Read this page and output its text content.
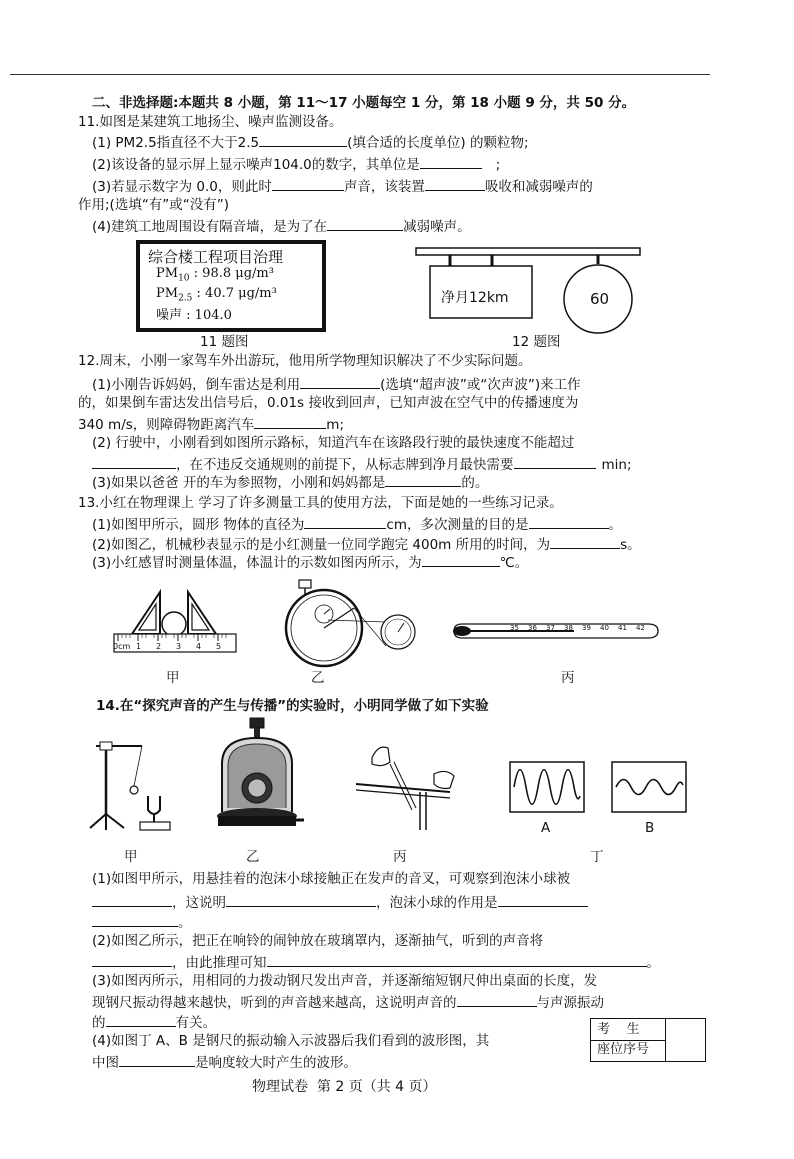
二、非选择题:本题共 8 小题，第 11～17 小题每空 1 分，第 18 小题 9 分，共 50 分。
11.如图是某建筑工地扬尘、噪声监测设备。
(1) PM2.5指直径不大于2.5	(填合适的长度单位) 的颗粒物;
(2)该设备的显示屏上显示噪声104.0的数字，其单位是	;
(3)若显示数字为 0.0，则此时	声音，该装置	吸收和减弱噪声的
作用;(选填“有”或“没有”)
(4)建筑工地周围设有隔音墙，是为了在	减弱噪声。
综合楼工程项目治理
$PM_{10}$ : 98.8 μg/m³
$PM_{2.5}$ : 40.7 μg/m³
噪声 : 104.0
11 题图
净月12km	60
12 题图
12.周末，小刚一家驾车外出游玩，他用所学物理知识解决了不少实际问题。
(1)小刚告诉妈妈，倒车雷达是利用	(选填“超声波”或“次声波”)来工作
的，如果倒车雷达发出信号后，0.01s 接收到回声，已知声波在空气中的传播速度为
340 m/s，则障碍物距离汽车	m;
(2) 行驶中，小刚看到如图所示路标，知道汽车在该路段行驶的最快速度不能超过
，在不违反交通规则的前提下，从标志牌到净月最快需要	min;
(3)如果以爸爸 开的车为参照物，小刚和妈妈都是	的。
13.小红在物理课上 学习了许多测量工具的使用方法，下面是她的一些练习记录。
(1)如图甲所示，圆形 物体的直径为	cm，多次测量的目的是	。
(2)如图乙，机械秒表显示的是小红测量一位同学跑完 400m 所用的时间，为	s。
(3)小红感冒时测量体温，体温计的示数如图丙所示，为	℃。
0cm 1 2 3 4 5
甲	乙
35 36 37 38 39 40 41 42
丙
14.在“探究声音的产生与传播”的实验时，小明同学做了如下实验
甲	乙	丙
A	B
丁
(1)如图甲所示，用悬挂着的泡沫小球接触正在发声的音叉，可观察到泡沫小球被
，这说明	，泡沫小球的作用是
。
(2)如图乙所示，把正在响铃的闹钟放在玻璃罩内，逐渐抽气，听到的声音将
，由此推理可知	。
(3)如图丙所示，用相同的力拨动钢尺发出声音，并逐渐缩短钢尺伸出桌面的长度，发
现钢尺振动得越来越快，听到的声音越来越高，这说明声音的	与声源振动
的	有关。
(4)如图丁 A、B 是钢尺的振动输入示波器后我们看到的波形图，其
中图	是响度较大时产生的波形。
考    生
座位序号
物理试卷  第 2 页（共 4 页）
